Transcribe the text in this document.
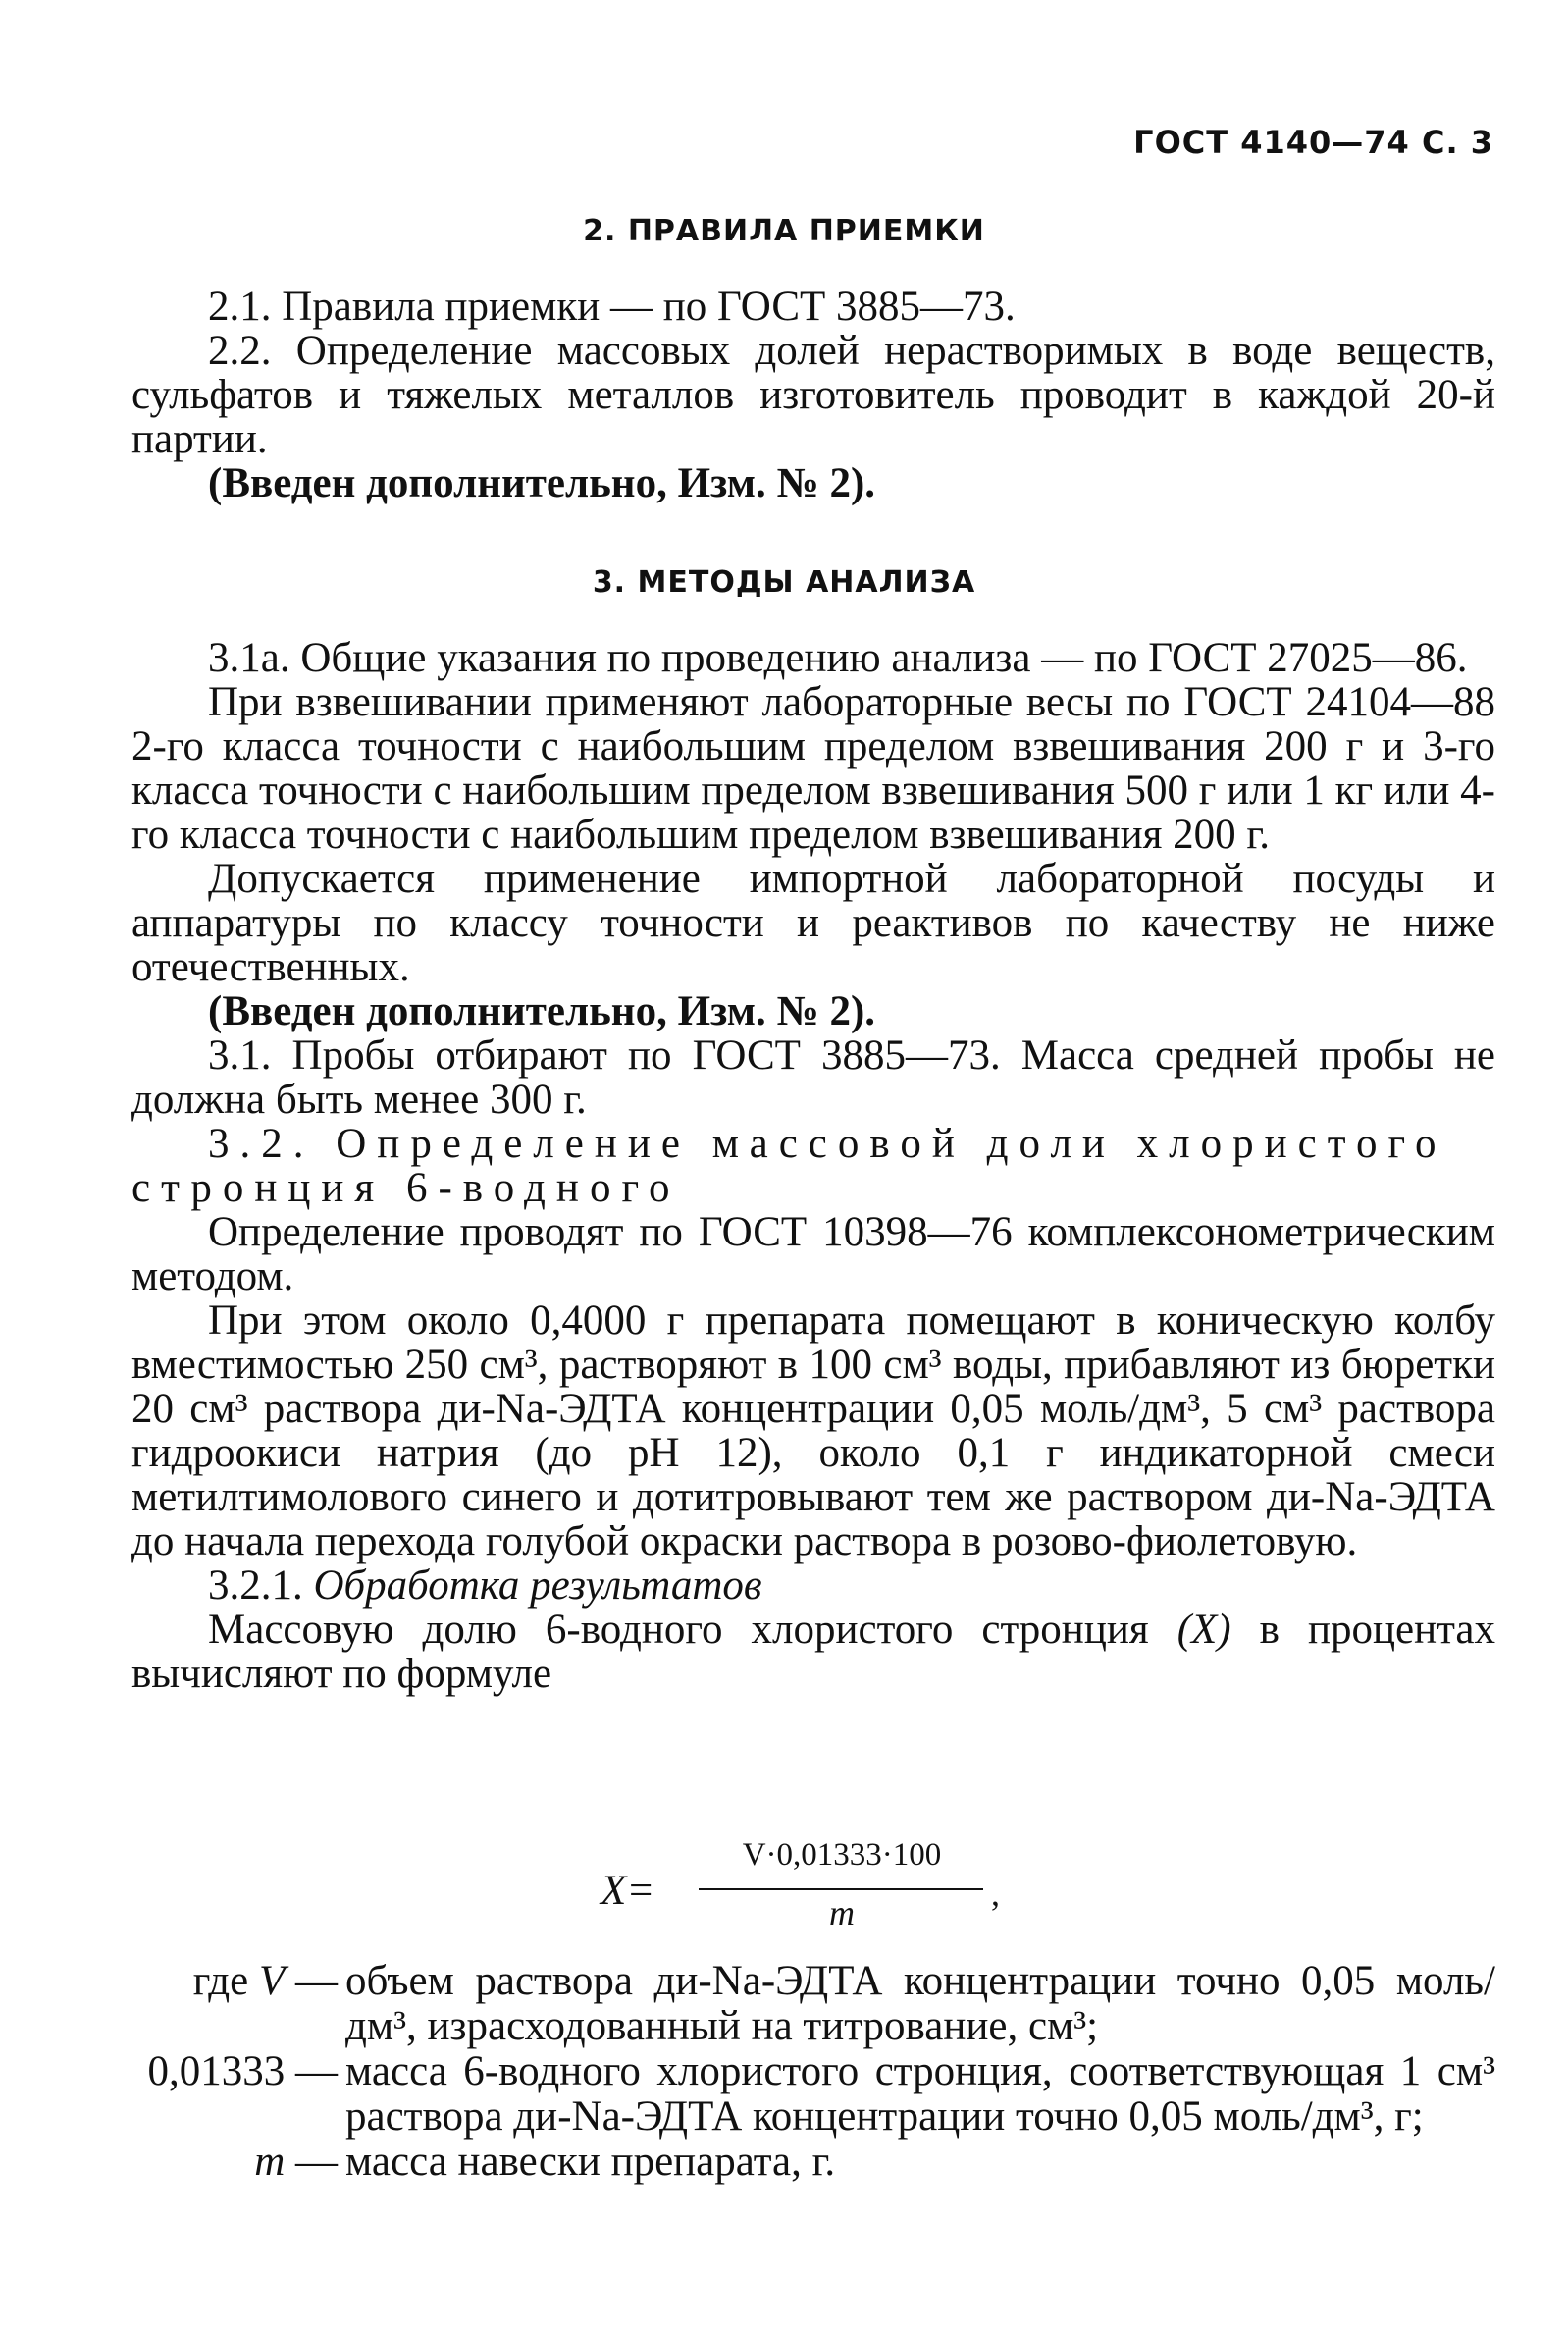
ГОСТ 4140—74 С. 3
2. ПРАВИЛА ПРИЕМКИ

2.1. Правила приемки — по ГОСТ 3885—73.

2.2. Определение массовых долей нерастворимых в воде веществ, сульфатов и тяжелых металлов изготовитель проводит в каждой 20-й партии.

(Введен дополнительно, Изм. № 2).

3. МЕТОДЫ АНАЛИЗА

3.1a. Общие указания по проведению анализа — по ГОСТ 27025—86.

При взвешивании применяют лабораторные весы по ГОСТ 24104—88 2-го класса точности с наибольшим пределом взвешивания 200 г и 3-го класса точности с наибольшим пределом взвешивания 500 г или 1 кг или 4-го класса точности с наибольшим пределом взвешивания 200 г.

Допускается применение импортной лабораторной посуды и аппаратуры по классу точности и реактивов по качеству не ниже отечественных.

(Введен дополнительно, Изм. № 2).

3.1. Пробы отбирают по ГОСТ 3885—73. Масса средней пробы не должна быть менее 300 г.

3.2. Определение массовой доли хлористого стронция 6-водного

Определение проводят по ГОСТ 10398—76 комплексонометрическим методом.

При этом около 0,4000 г препарата помещают в коническую колбу вместимостью 250 см³, растворяют в 100 см³ воды, прибавляют из бюретки 20 см³ раствора ди-Na-ЭДТА концентрации 0,05 моль/дм³, 5 см³ раствора гидроокиси натрия (до pH 12), около 0,1 г индикаторной смеси метилтимолового синего и дотитровывают тем же раствором ди-Na-ЭДТА до начала перехода голубой окраски раствора в розово-фиолетовую.

3.2.1. Обработка результатов

Массовую долю 6-водного хлористого стронция (X) в процентах вычисляют по формуле

X=
V·0,01333·100
m	,
где V — объем раствора ди-Na-ЭДТА концентрации точно 0,05 моль/дм³, израсходованный на титрование, см³;
0,01333 — масса 6-водного хлористого стронция, соответствующая 1 см³ раствора ди-Na-ЭДТА концентрации точно 0,05 моль/дм³, г;
m — масса навески препарата, г.
